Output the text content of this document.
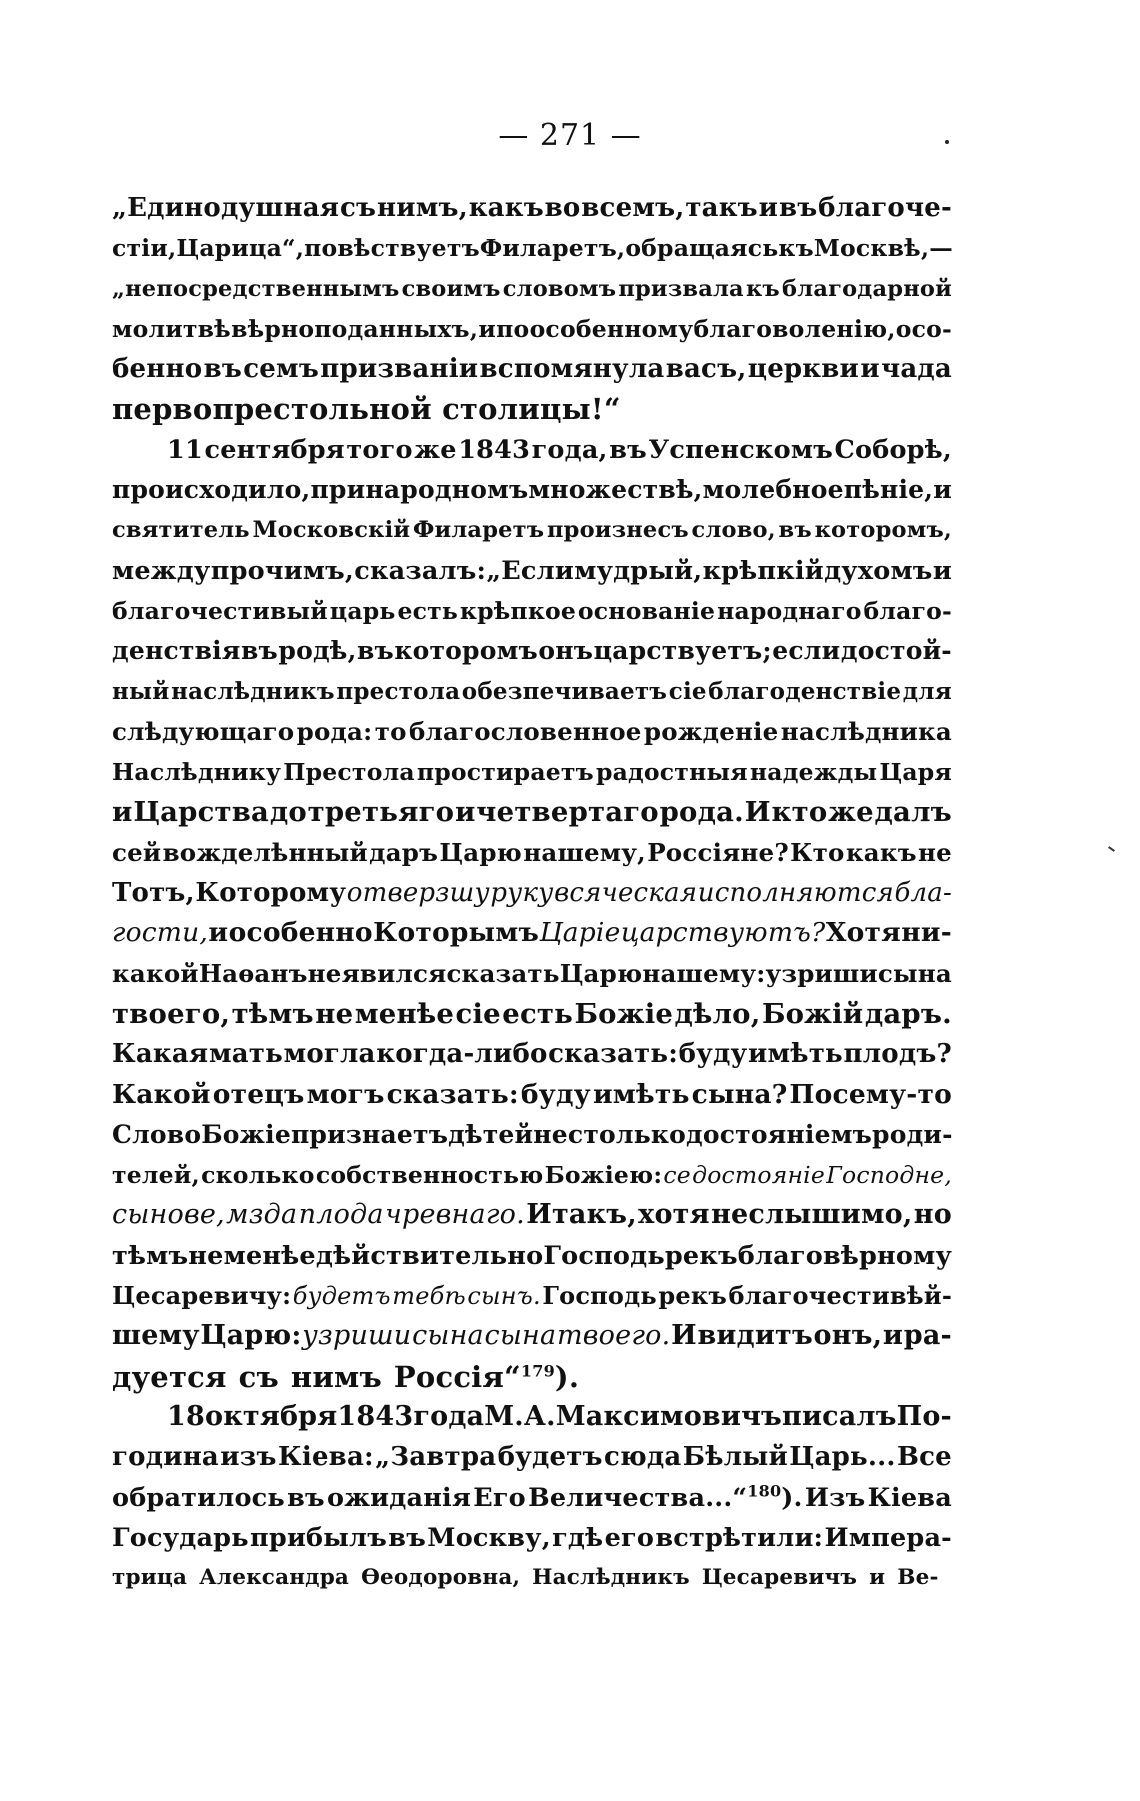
— 271 —
„Единодушная съ нимъ, какъ во всемъ, такъ и въ благоче-
стіи, Царица“, повѣствуетъ Филаретъ, обращаясь къ Москвѣ,—
„непосредственнымъ своимъ словомъ призвала къ благодарной
молитвѣ вѣрноподанныхъ, и по особенному благоволенію, осо-
бенно въ семъ призваніи вспомянула васъ, церкви и чада
первопрестольной столицы!“
11 сентября того же 1843 года, въ Успенскомъ Соборѣ,
происходило, при народномъ множествѣ, молебное пѣніе, и
святитель Московскій Филаретъ произнесъ слово, въ которомъ,
между прочимъ, сказалъ: „Если мудрый, крѣпкій духомъ и
благочестивый царь есть крѣпкое основаніе народнаго благо-
денствія въ родѣ, въ которомъ онъ царствуетъ; если достой-
ный наслѣдникъ престола обезпечиваетъ сіе благоденствіе для
слѣдующаго рода: то благословенное рожденіе наслѣдника
Наслѣднику Престола простираетъ радостныя надежды Царя
и Царства до третьяго и четвертаго рода. И кто же далъ
сей вожделѣнный даръ Царю нашему, Россіяне? Кто какъ не
Тотъ, Которому отверзшу руку всяческая исполняются бла-
гости, и особенно Которымъ Царіе царствуютъ? Хотя ни-
какой Наѳанъ не явился сказать Царю нашему: узриши сына
твоего, тѣмъ не менѣе сіе есть Божіе дѣло, Божій даръ.
Какая мать могла когда-либо сказать: буду имѣть плодъ?
Какой отецъ могъ сказать: буду имѣть сына? Посему-то
Слово Божіе признаетъ дѣтей не столько достояніемъ роди-
телей, сколько собственностью Божіею: се достояніе Господне,
сынове, мзда плода чревнаго. Итакъ, хотя неслышимо, но
тѣмъ не менѣе дѣйствительно Господь рекъ благовѣрному
Цесаревичу: будетъ тебѣ сынъ. Господь рекъ благочестивѣй-
шему Царю: узриши сына сына твоего. И видитъ онъ, и ра-
дуется съ нимъ Россія“$^{179}$).
18 октября 1843 года М. А. Максимовичъ писалъ По-
година изъ Кіева: „Завтра будетъ сюда Бѣлый Царь... Все
обратилось въ ожиданія Его Величества...“$^{180}$). Изъ Кіева
Государь прибылъ въ Москву, гдѣ его встрѣтили: Импера-
трица Александра Ѳеодоровна, Наслѣдникъ Цесаревичъ и Ве-
